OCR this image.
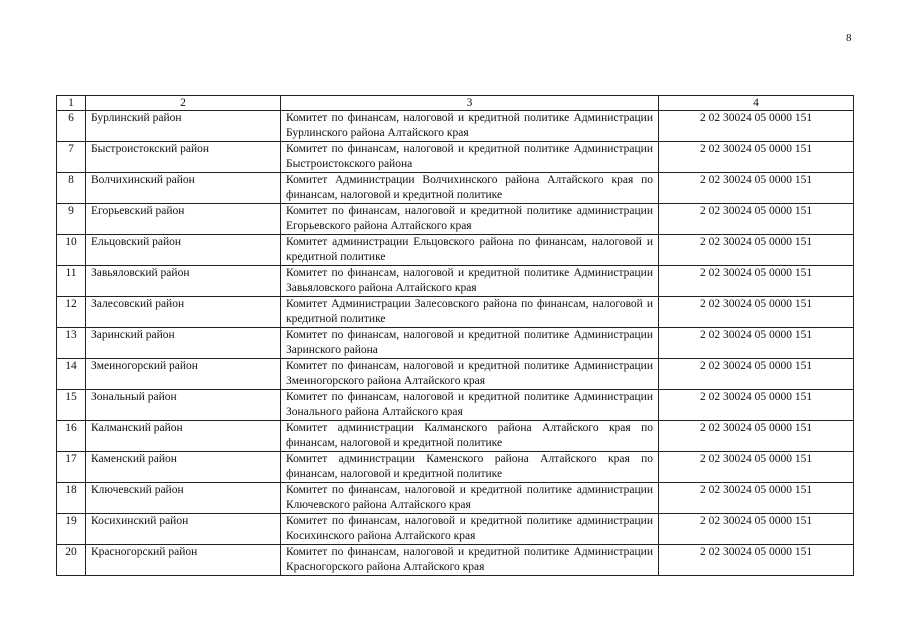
8
1	2	3	4
6	Бурлинский район	Комитет по финансам, налоговой и кредитной политике Администрации Бурлинского района Алтайского края	2 02 30024 05 0000 151
7	Быстроистокский район	Комитет по финансам, налоговой и кредитной политике Администрации Быстроистокского района	2 02 30024 05 0000 151
8	Волчихинский район	Комитет Администрации Волчихинского района Алтайского края по финансам, налоговой и кредитной политике	2 02 30024 05 0000 151
9	Егорьевский район	Комитет по финансам, налоговой и кредитной политике администрации Егорьевского района Алтайского края	2 02 30024 05 0000 151
10	Ельцовский район	Комитет администрации Ельцовского района по финансам, налоговой и кредитной политике	2 02 30024 05 0000 151
11	Завьяловский район	Комитет по финансам, налоговой и кредитной политике Администрации Завьяловского района Алтайского края	2 02 30024 05 0000 151
12	Залесовский район	Комитет Администрации Залесовского района по финансам, налоговой и кредитной политике	2 02 30024 05 0000 151
13	Заринский район	Комитет по финансам, налоговой и кредитной политике Администрации Заринского района	2 02 30024 05 0000 151
14	Змеиногорский район	Комитет по финансам, налоговой и кредитной политике Администрации Змеиногорского района Алтайского края	2 02 30024 05 0000 151
15	Зональный район	Комитет по финансам, налоговой и кредитной политике Администрации Зонального района Алтайского края	2 02 30024 05 0000 151
16	Калманский район	Комитет администрации Калманского района Алтайского края по финансам, налоговой и кредитной политике	2 02 30024 05 0000 151
17	Каменский район	Комитет администрации Каменского района Алтайского края по финансам, налоговой и кредитной политике	2 02 30024 05 0000 151
18	Ключевский район	Комитет по финансам, налоговой и кредитной политике администрации Ключевского района Алтайского края	2 02 30024 05 0000 151
19	Косихинский район	Комитет по финансам, налоговой и кредитной политике администрации Косихинского района Алтайского края	2 02 30024 05 0000 151
20	Красногорский район	Комитет по финансам, налоговой и кредитной политике Администрации Красногорского района Алтайского края	2 02 30024 05 0000 151
